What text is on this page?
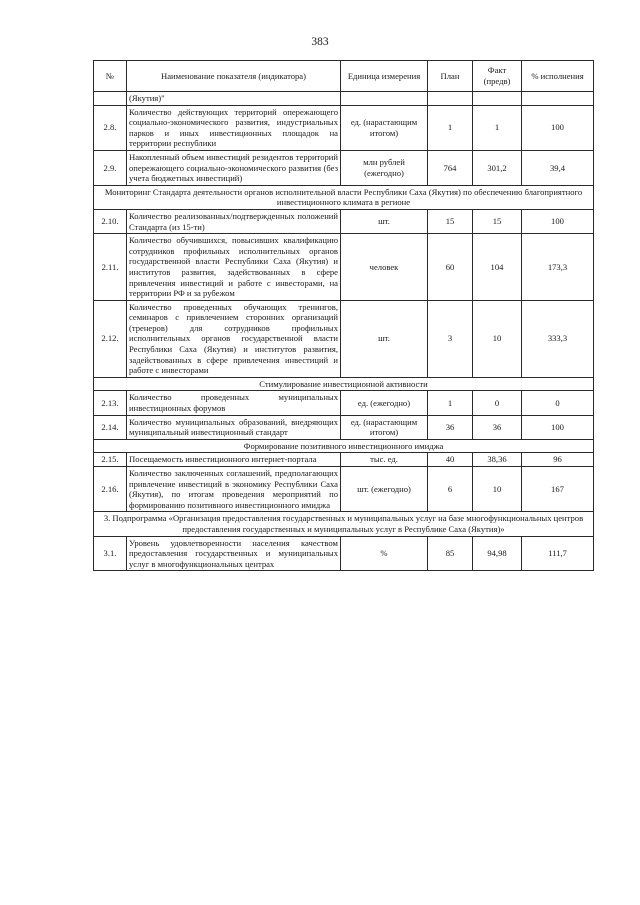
383
№	Наименование показателя (индикатора)	Единица измерения	План	Факт (предв)	% исполнения
	(Якутия)"				
2.8.	Количество действующих территорий опережающего социально-экономического развития, индустриальных парков и иных инвестиционных площадок на территории республики	ед. (нарастающим итогом)	1	1	100
2.9.	Накопленный объем инвестиций резидентов территорий опережающего социально-экономического развития (без учета бюджетных инвестиций)	млн рублей (ежегодно)	764	301,2	39,4
Мониторинг Стандарта деятельности органов исполнительной власти Республики Саха (Якутия) по обеспечению благоприятного инвестиционного климата в регионе					
2.10.	Количество реализованных/подтвержденных положений Стандарта (из 15-ти)	шт.	15	15	100
2.11.	Количество обучившихся, повысивших квалификацию сотрудников профильных исполнительных органов государственной власти Республики Саха (Якутия) и институтов развития, задействованных в сфере привлечения инвестиций и работе с инвесторами, на территории РФ и за рубежом	человек	60	104	173,3
2.12.	Количество проведенных обучающих тренингов, семинаров с привлечением сторонних организаций (тренеров) для сотрудников профильных исполнительных органов государственной власти Республики Саха (Якутия) и институтов развития, задействованных в сфере привлечения инвестиций и работе с инвесторами	шт.	3	10	333,3
Стимулирование инвестиционной активности					
2.13.	Количество проведенных муниципальных инвестиционных форумов	ед. (ежегодно)	1	0	0
2.14.	Количество муниципальных образований, внедряющих муниципальный инвестиционный стандарт	ед. (нарастающим итогом)	36	36	100
Формирование позитивного инвестиционного имиджа					
2.15.	Посещаемость инвестиционного интернет-портала	тыс. ед.	40	38,36	96
2.16.	Количество заключенных соглашений, предполагающих привлечение инвестиций в экономику Республики Саха (Якутия), по итогам проведения мероприятий по формированию позитивного инвестиционного имиджа	шт. (ежегодно)	6	10	167
3. Подпрограмма «Организация предоставления государственных и муниципальных услуг на базе многофункциональных центров предоставления государственных и муниципальных услуг в Республике Саха (Якутия)»					
3.1.	Уровень удовлетворенности населения качеством предоставления государственных и муниципальных услуг в многофункциональных центрах	%	85	94,98	111,7
